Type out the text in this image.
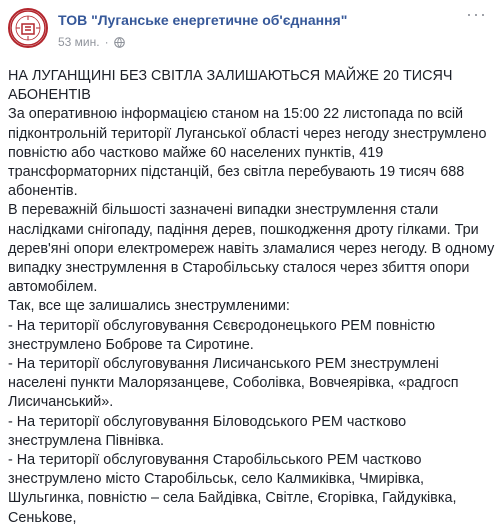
ТОВ "Луганське енергетичне об'єднання"
53 мин. ·
···

НА ЛУГАНЩИНІ БЕЗ СВІТЛА ЗАЛИШАЮТЬСЯ МАЙЖЕ 20 ТИСЯЧ АБОНЕНТІВ

За оперативною інформацією станом на 15:00 22 листопада по всій підконтрольній території Луганської області через негоду знеструмлено повністю або частково майже 60 населених пунктів, 419 трансформаторних підстанцій, без світла перебувають 19 тисяч 688 абонентів.

В переважній більшості зазначені випадки знеструмлення стали наслідками снігопаду, падіння дерев, пошкодження дроту гілками. Три дерев'яні опори електромереж навіть зламалися через негоду. В одному випадку знеструмлення в Старобільську сталося через збиття опори автомобілем.

Так, все ще залишались знеструмленими:

- На території обслуговування Сєвєродонецького РЕМ повністю знеструмлено Боброве та Сиротине.

- На території обслуговування Лисичанського РЕМ знеструмлені населені пункти Малорязанцеве, Соболівка, Вовчеярівка, «радгосп Лисичанський».

- На території обслуговування Біловодського РЕМ частково знеструмлена Півнівка.

- На території обслуговування Старобільського РЕМ частково знеструмлено місто Старобільськ, село Калмиківка, Чмирівка, Шульгинка, повністю – села Байдівка, Світле, Єгорівка, Гайдуківка, Сеньkове,
